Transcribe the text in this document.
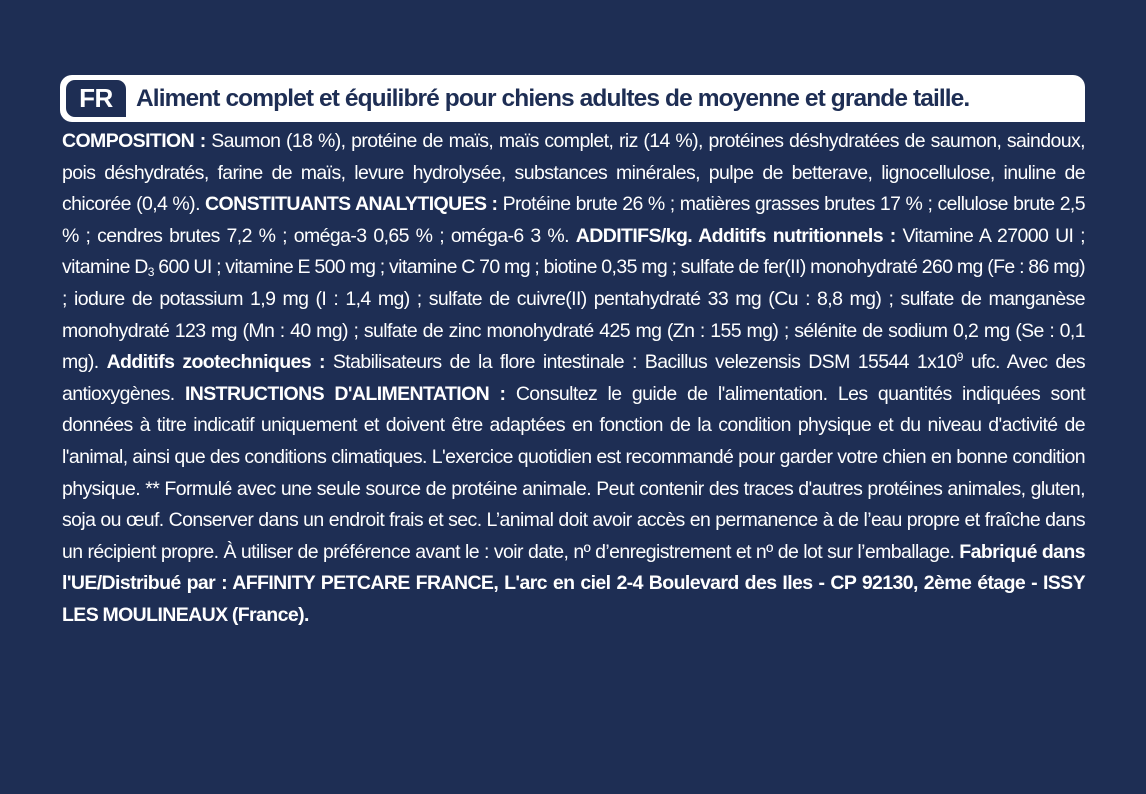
FR Aliment complet et équilibré pour chiens adultes de moyenne et grande taille.

COMPOSITION : Saumon (18 %), protéine de maïs, maïs complet, riz (14 %), protéines déshydratées de saumon, saindoux, pois déshydratés, farine de maïs, levure hydrolysée, substances minérales, pulpe de betterave, lignocellulose, inuline de chicorée (0,4 %). CONSTITUANTS ANALYTIQUES : Protéine brute 26 % ; matières grasses brutes 17 % ; cellulose brute 2,5 % ; cendres brutes 7,2 % ; oméga-3 0,65 % ; oméga-6 3 %. ADDITIFS/kg. Additifs nutritionnels : Vitamine A 27000 UI ; vitamine $D_3$ 600 UI ; vitamine E 500 mg ; vitamine C 70 mg ; biotine 0,35 mg ; sulfate de fer(II) monohydraté 260 mg (Fe : 86 mg) ; iodure de potassium 1,9 mg (I : 1,4 mg) ; sulfate de cuivre(II) pentahydraté 33 mg (Cu : 8,8 mg) ; sulfate de manganèse monohydraté 123 mg (Mn : 40 mg) ; sulfate de zinc monohydraté 425 mg (Zn : 155 mg) ; sélénite de sodium 0,2 mg (Se : 0,1 mg). Additifs zootechniques : Stabilisateurs de la flore intestinale : Bacillus velezensis DSM 15544 $1x10^9$ ufc. Avec des antioxygènes. INSTRUCTIONS D'ALIMENTATION : Consultez le guide de l'alimentation. Les quantités indiquées sont données à titre indicatif uniquement et doivent être adaptées en fonction de la condition physique et du niveau d'activité de l'animal, ainsi que des conditions climatiques. L'exercice quotidien est recommandé pour garder votre chien en bonne condition physique. ** Formulé avec une seule source de protéine animale. Peut contenir des traces d'autres protéines animales, gluten, soja ou œuf. Conserver dans un endroit frais et sec. L’animal doit avoir accès en permanence à de l’eau propre et fraîche dans un récipient propre. À utiliser de préférence avant le : voir date, nº d’enregistrement et nº de lot sur l’emballage. Fabriqué dans l'UE/Distribué par : AFFINITY PETCARE FRANCE, L'arc en ciel 2-4 Boulevard des Iles - CP 92130, 2ème étage - ISSY LES MOULINEAUX (France).
